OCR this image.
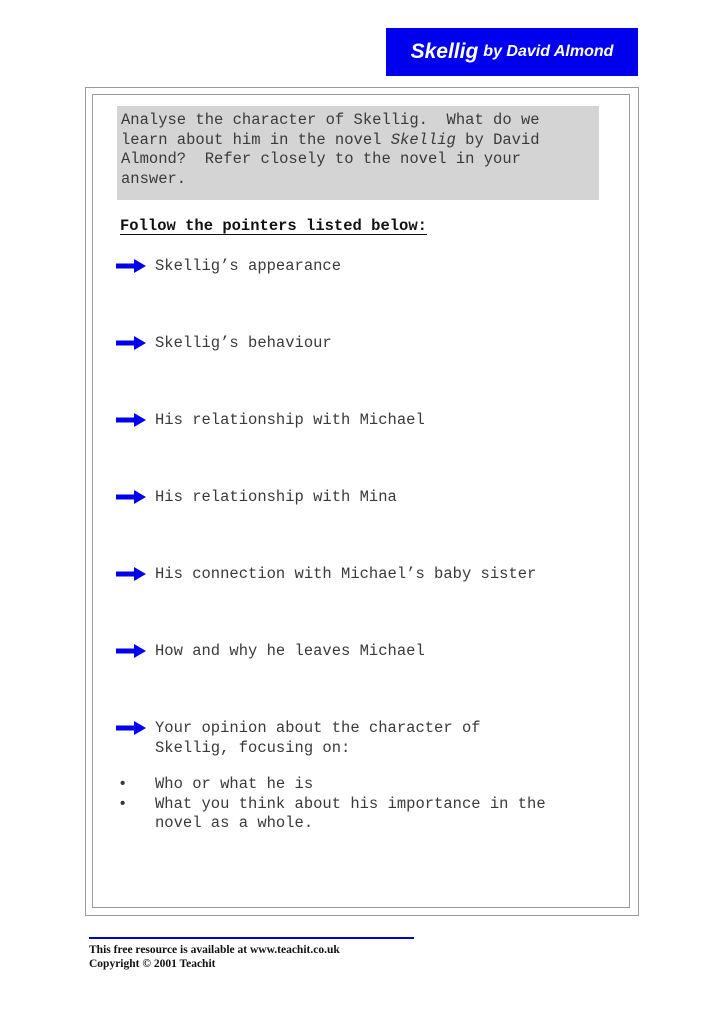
Skellig by David Almond
Analyse the character of Skellig.  What do we
learn about him in the novel Skellig by David
Almond?  Refer closely to the novel in your
answer.
Follow the pointers listed below:
Skellig’s appearance
Skellig’s behaviour
His relationship with Michael
His relationship with Mina
His connection with Michael’s baby sister
How and why he leaves Michael
Your opinion about the character of
Skellig, focusing on:
• Who or what he is
• What you think about his importance in the
novel as a whole.
This free resource is available at www.teachit.co.uk
Copyright © 2001 Teachit
